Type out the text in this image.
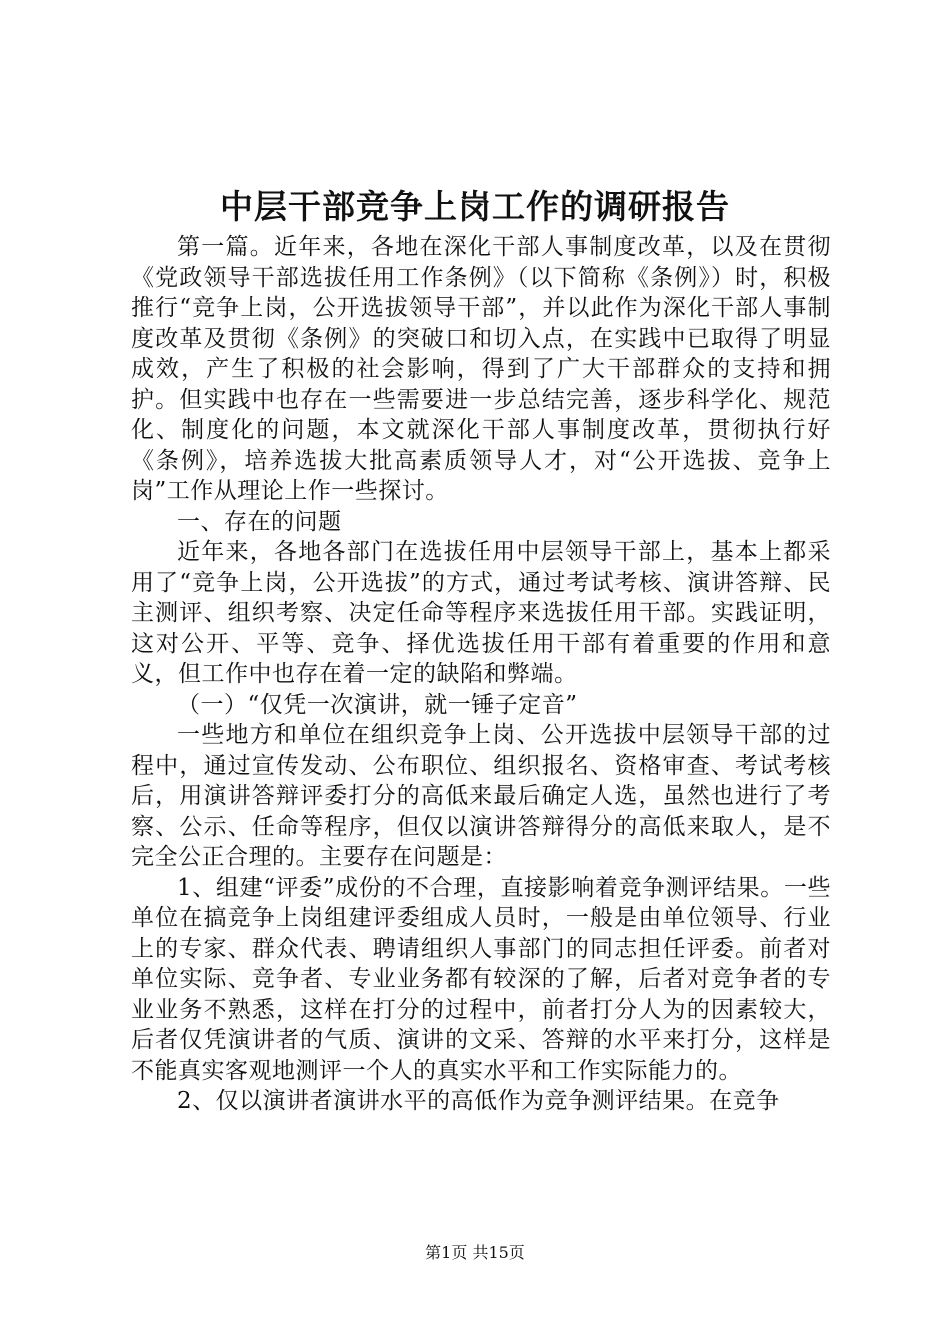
中层干部竞争上岗工作的调研报告

第一篇。近年来，各地在深化干部人事制度改革，以及在贯彻《党政领导干部选拔任用工作条例》（以下简称《条例》）时，积极推行“竞争上岗，公开选拔领导干部”，并以此作为深化干部人事制度改革及贯彻《条例》的突破口和切入点，在实践中已取得了明显成效，产生了积极的社会影响，得到了广大干部群众的支持和拥护。但实践中也存在一些需要进一步总结完善，逐步科学化、规范化、制度化的问题，本文就深化干部人事制度改革，贯彻执行好《条例》，培养选拔大批高素质领导人才，对“公开选拔、竞争上岗”工作从理论上作一些探讨。

一、存在的问题

近年来，各地各部门在选拔任用中层领导干部上，基本上都采用了“竞争上岗，公开选拔”的方式，通过考试考核、演讲答辩、民主测评、组织考察、决定任命等程序来选拔任用干部。实践证明，这对公开、平等、竞争、择优选拔任用干部有着重要的作用和意义，但工作中也存在着一定的缺陷和弊端。

（一）“仅凭一次演讲，就一锤子定音”

一些地方和单位在组织竞争上岗、公开选拔中层领导干部的过程中，通过宣传发动、公布职位、组织报名、资格审查、考试考核后，用演讲答辩评委打分的高低来最后确定人选，虽然也进行了考察、公示、任命等程序，但仅以演讲答辩得分的高低来取人，是不完全公正合理的。主要存在问题是：

1、组建“评委”成份的不合理，直接影响着竞争测评结果。一些单位在搞竞争上岗组建评委组成人员时，一般是由单位领导、行业上的专家、群众代表、聘请组织人事部门的同志担任评委。前者对单位实际、竞争者、专业业务都有较深的了解，后者对竞争者的专业业务不熟悉，这样在打分的过程中，前者打分人为的因素较大，后者仅凭演讲者的气质、演讲的文采、答辩的水平来打分，这样是不能真实客观地测评一个人的真实水平和工作实际能力的。

2、仅以演讲者演讲水平的高低作为竞争测评结果。在竞争

第1页 共15页
